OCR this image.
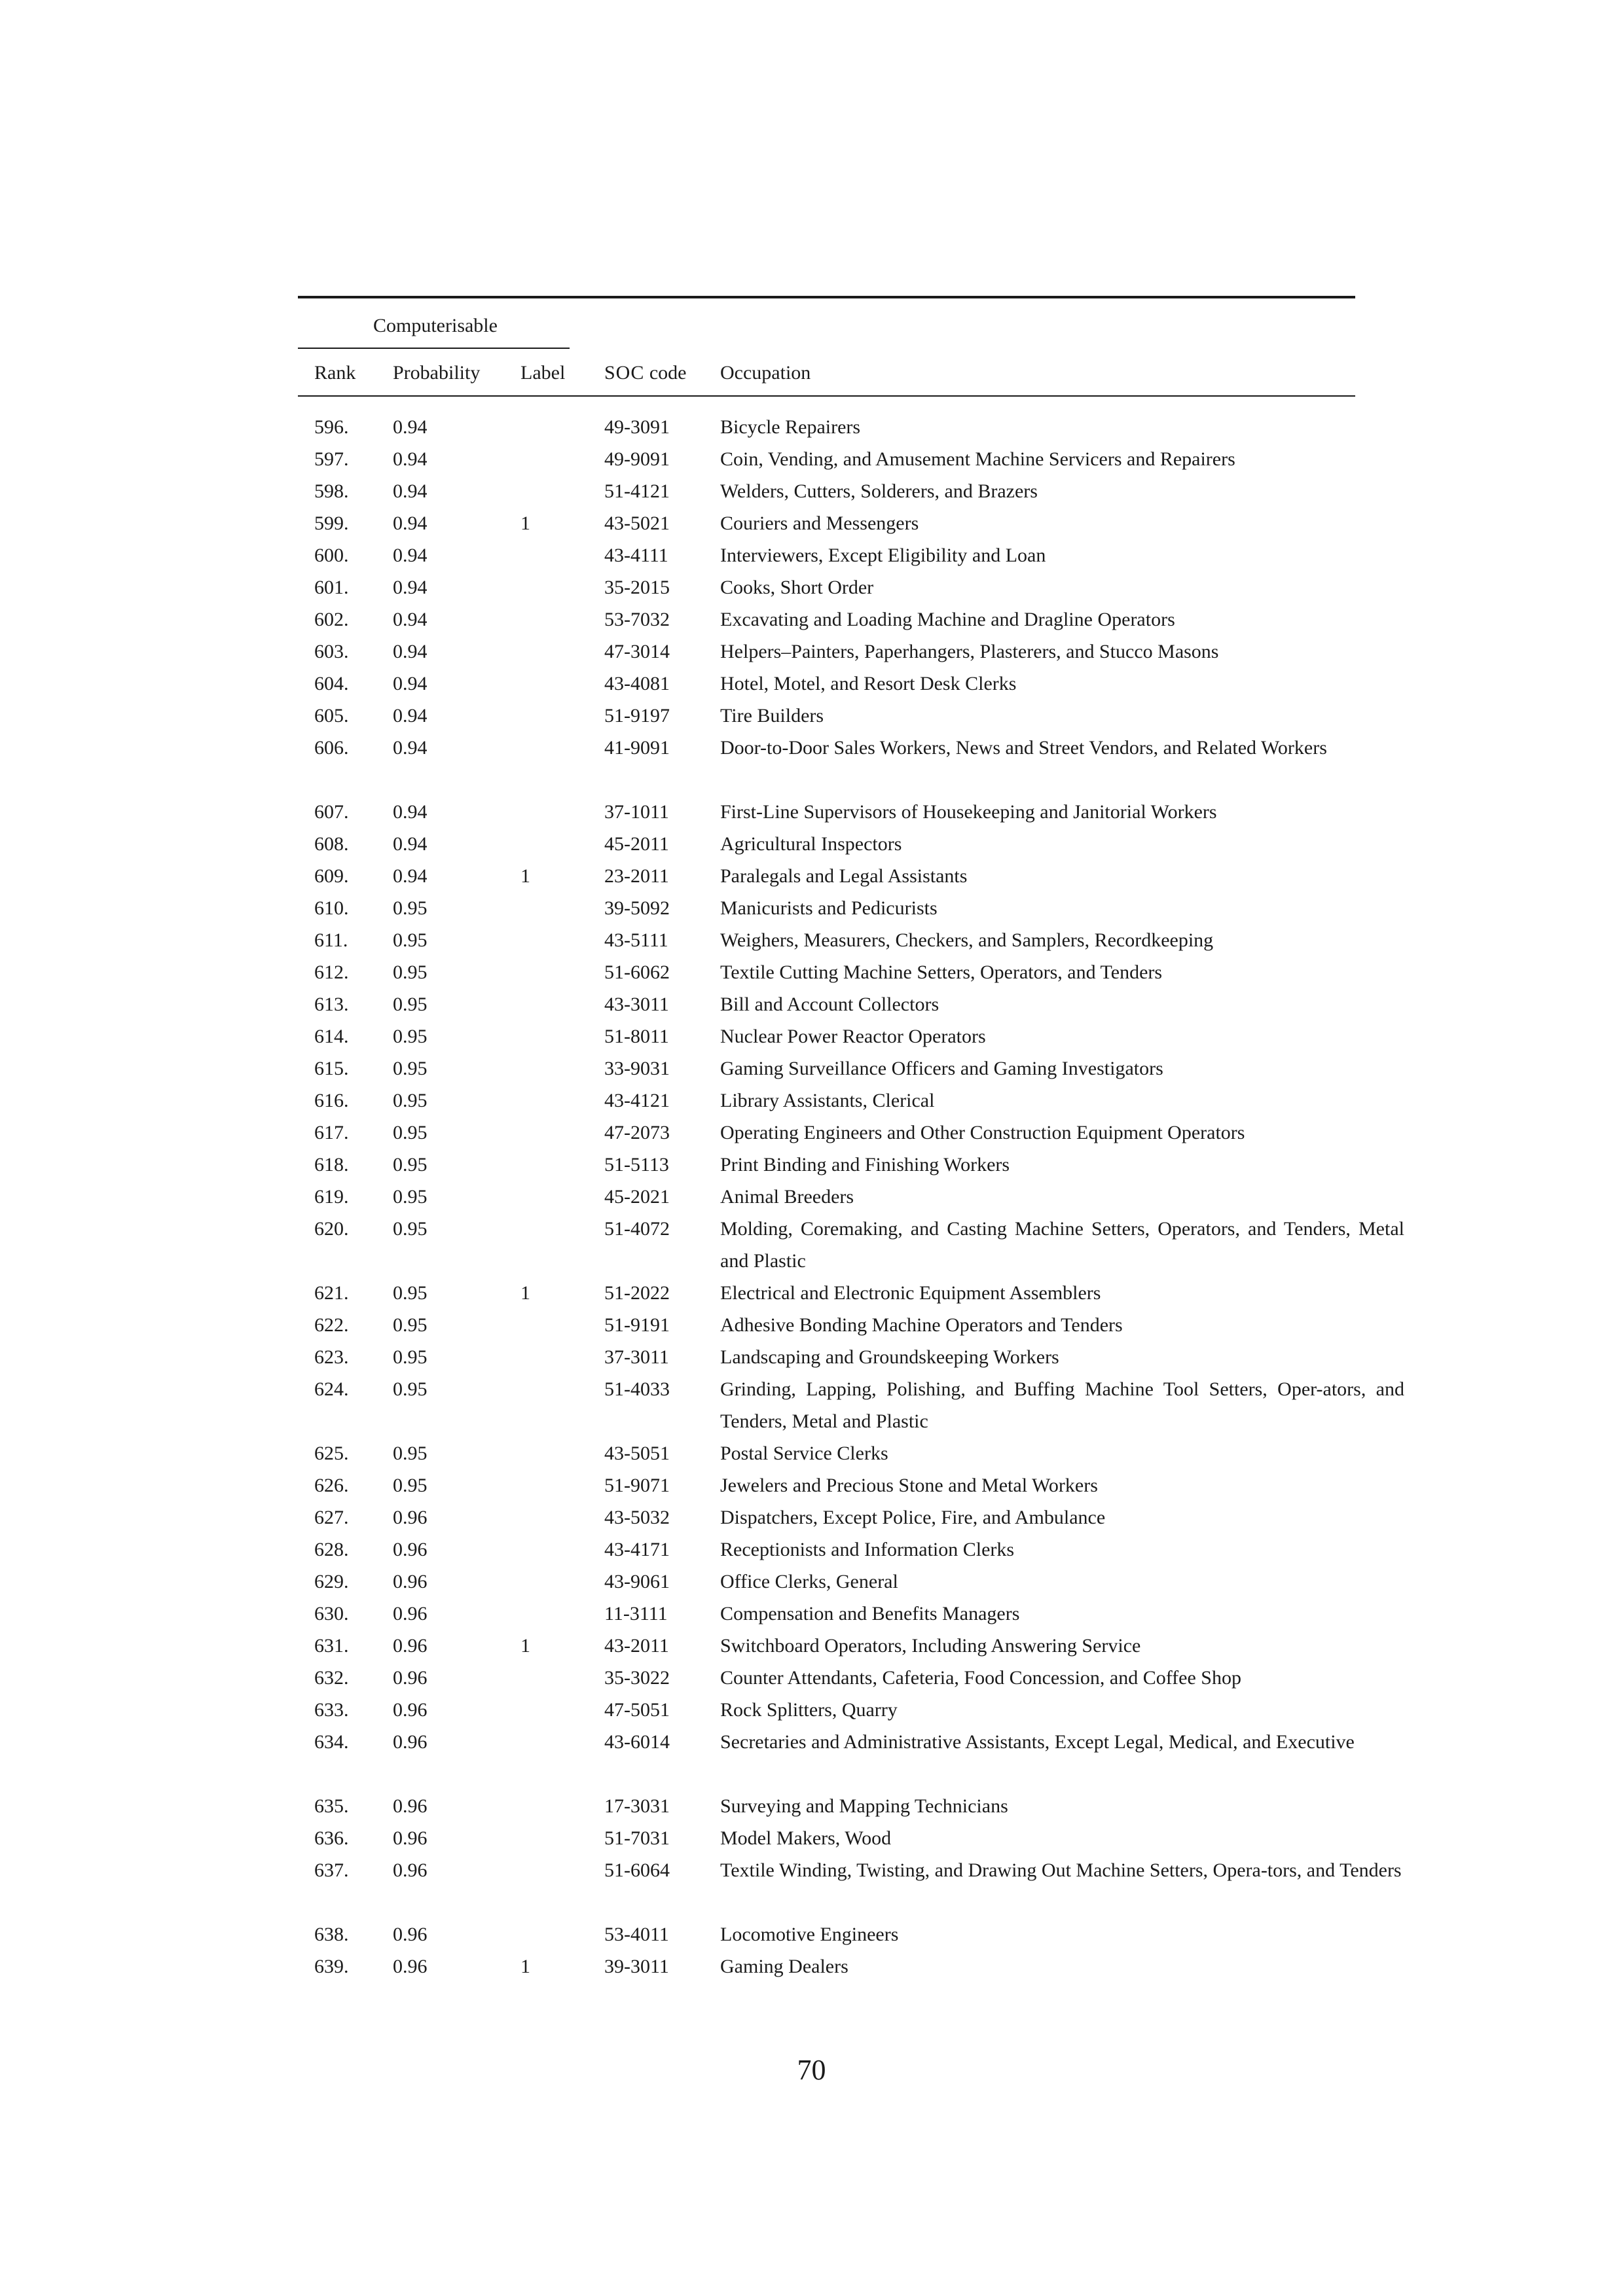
Computerisable
Rank Probability Label SOC code Occupation
596. 0.94	49-3091	Bicycle Repairers
597. 0.94	49-9091	Coin, Vending, and Amusement Machine Servicers and Repairers
598. 0.94	51-4121	Welders, Cutters, Solderers, and Brazers
599. 0.94	1	43-5021	Couriers and Messengers
600. 0.94	43-4111	Interviewers, Except Eligibility and Loan
601. 0.94	35-2015	Cooks, Short Order
602. 0.94	53-7032	Excavating and Loading Machine and Dragline Operators
603. 0.94	47-3014	Helpers–Painters, Paperhangers, Plasterers, and Stucco Masons
604. 0.94	43-4081	Hotel, Motel, and Resort Desk Clerks
605. 0.94	51-9197	Tire Builders
606. 0.94	41-9091	Door-to-Door Sales Workers, News and Street Vendors, and Related Workers
607. 0.94	37-1011	First-Line Supervisors of Housekeeping and Janitorial Workers
608. 0.94	45-2011	Agricultural Inspectors
609. 0.94	1	23-2011	Paralegals and Legal Assistants
610. 0.95	39-5092	Manicurists and Pedicurists
611. 0.95	43-5111	Weighers, Measurers, Checkers, and Samplers, Recordkeeping
612. 0.95	51-6062	Textile Cutting Machine Setters, Operators, and Tenders
613. 0.95	43-3011	Bill and Account Collectors
614. 0.95	51-8011	Nuclear Power Reactor Operators
615. 0.95	33-9031	Gaming Surveillance Officers and Gaming Investigators
616. 0.95	43-4121	Library Assistants, Clerical
617. 0.95	47-2073	Operating Engineers and Other Construction Equipment Operators
618. 0.95	51-5113	Print Binding and Finishing Workers
619. 0.95	45-2021	Animal Breeders
620. 0.95	51-4072	Molding, Coremaking, and Casting Machine Setters, Operators, and Tenders, Metal and Plastic
621. 0.95	1	51-2022	Electrical and Electronic Equipment Assemblers
622. 0.95	51-9191	Adhesive Bonding Machine Operators and Tenders
623. 0.95	37-3011	Landscaping and Groundskeeping Workers
624. 0.95	51-4033	Grinding, Lapping, Polishing, and Buffing Machine Tool Setters, Oper-ators, and Tenders, Metal and Plastic
625. 0.95	43-5051	Postal Service Clerks
626. 0.95	51-9071	Jewelers and Precious Stone and Metal Workers
627. 0.96	43-5032	Dispatchers, Except Police, Fire, and Ambulance
628. 0.96	43-4171	Receptionists and Information Clerks
629. 0.96	43-9061	Office Clerks, General
630. 0.96	11-3111	Compensation and Benefits Managers
631. 0.96	1	43-2011	Switchboard Operators, Including Answering Service
632. 0.96	35-3022	Counter Attendants, Cafeteria, Food Concession, and Coffee Shop
633. 0.96	47-5051	Rock Splitters, Quarry
634. 0.96	43-6014	Secretaries and Administrative Assistants, Except Legal, Medical, and Executive
635. 0.96	17-3031	Surveying and Mapping Technicians
636. 0.96	51-7031	Model Makers, Wood
637. 0.96	51-6064	Textile Winding, Twisting, and Drawing Out Machine Setters, Opera-tors, and Tenders
638. 0.96	53-4011	Locomotive Engineers
639. 0.96	1	39-3011	Gaming Dealers
70
